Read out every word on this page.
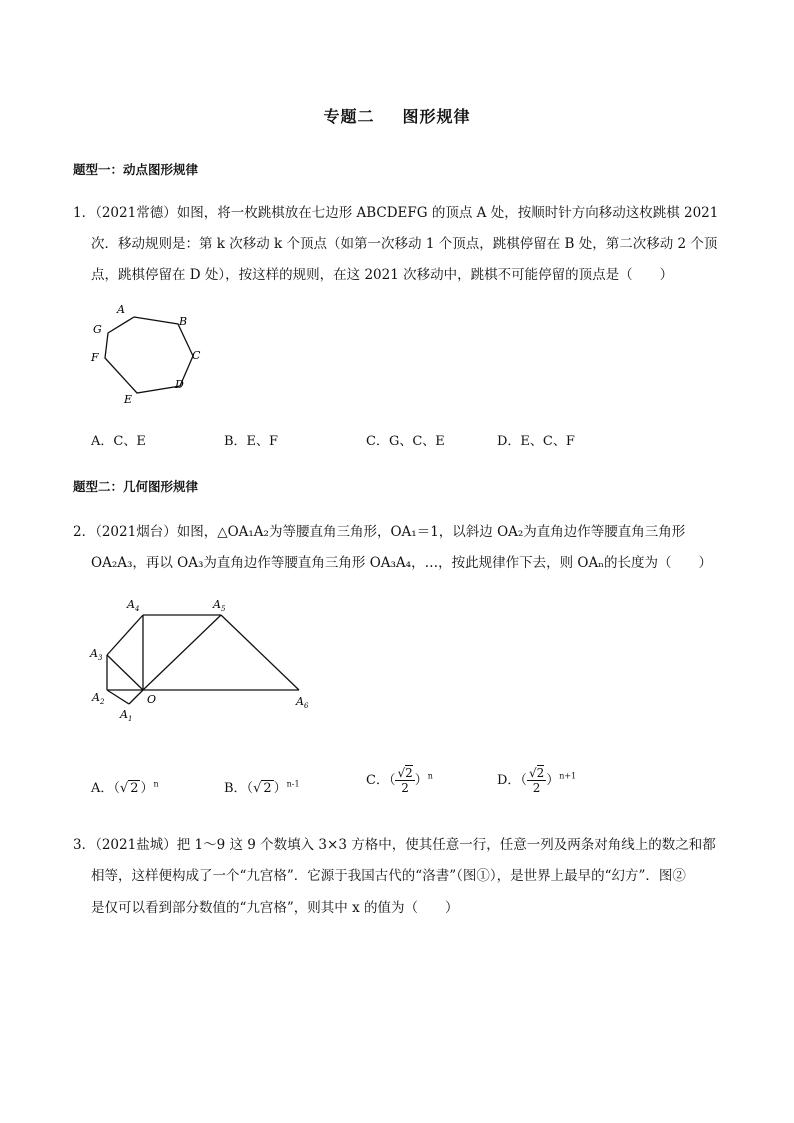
专题二 图形规律
题型一：动点图形规律
1．（2021常德）如图，将一枚跳棋放在七边形 ABCDEFG 的顶点 A 处，按顺时针方向移动这枚跳棋 2021
次．移动规则是：第 k 次移动 k 个顶点（如第一次移动 1 个顶点，跳棋停留在 B 处，第二次移动 2 个顶
点，跳棋停留在 D 处），按这样的规则，在这 2021 次移动中，跳棋不可能停留的顶点是（　　）
A
B
C
D
E
F
G
A．C、E	B．E、F	C．G、C、E	D．E、C、F
题型二：几何图形规律
2．（2021烟台）如图，△OA₁A₂为等腰直角三角形，OA₁＝1，以斜边 OA₂为直角边作等腰直角三角形
OA₂A₃，再以 OA₃为直角边作等腰直角三角形 OA₃A₄，…，按此规律作下去，则 OAₙ的长度为（　　）
O
$A_1$
$A_2$
$A_3$
$A_4$	$A_5$
$A_6$
A．（√ 2 ）$^n$	B．（√ 2 ）$^{n-1}$	C．（ $\frac{√2}{2} )^n$	D．（ $\frac{√2}{2} )^{n+1}$
3．（2021盐城）把 1～9 这 9 个数填入 3×3 方格中，使其任意一行，任意一列及两条对角线上的数之和都
相等，这样便构成了一个“九宫格”．它源于我国古代的“洛書”（图①），是世界上最早的“幻方”．图②
是仅可以看到部分数值的“九宫格”，则其中 x 的值为（　　）
